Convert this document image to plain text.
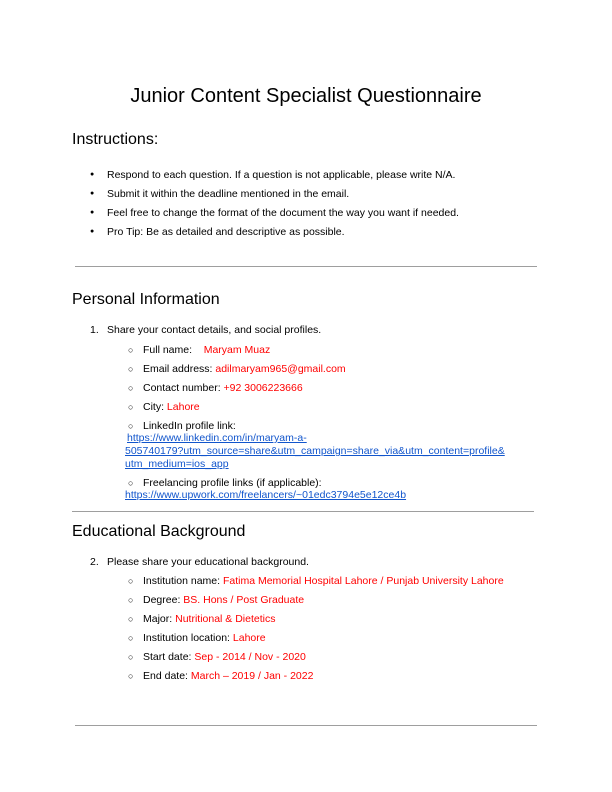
Junior Content Specialist Questionnaire
Instructions:
● Respond to each question. If a question is not applicable, please write N/A.
● Submit it within the deadline mentioned in the email.
● Feel free to change the format of the document the way you want if needed.
● Pro Tip: Be as detailed and descriptive as possible.
Personal Information
1. Share your contact details, and social profiles.
○ Full name: Maryam Muaz
○ Email address: adilmaryam965@gmail.com
○ Contact number: +92 3006223666
○ City: Lahore
○ LinkedIn profile link:
https://www.linkedin.com/in/maryam-a-
505740179?utm_source=share&utm_campaign=share_via&utm_content=profile&
utm_medium=ios_app
○ Freelancing profile links (if applicable):
https://www.upwork.com/freelancers/~01edc3794e5e12ce4b
Educational Background
2. Please share your educational background.
○ Institution name: Fatima Memorial Hospital Lahore / Punjab University Lahore
○ Degree: BS. Hons / Post Graduate
○ Major: Nutritional & Dietetics
○ Institution location: Lahore
○ Start date: Sep - 2014 / Nov - 2020
○ End date: March – 2019 / Jan - 2022
